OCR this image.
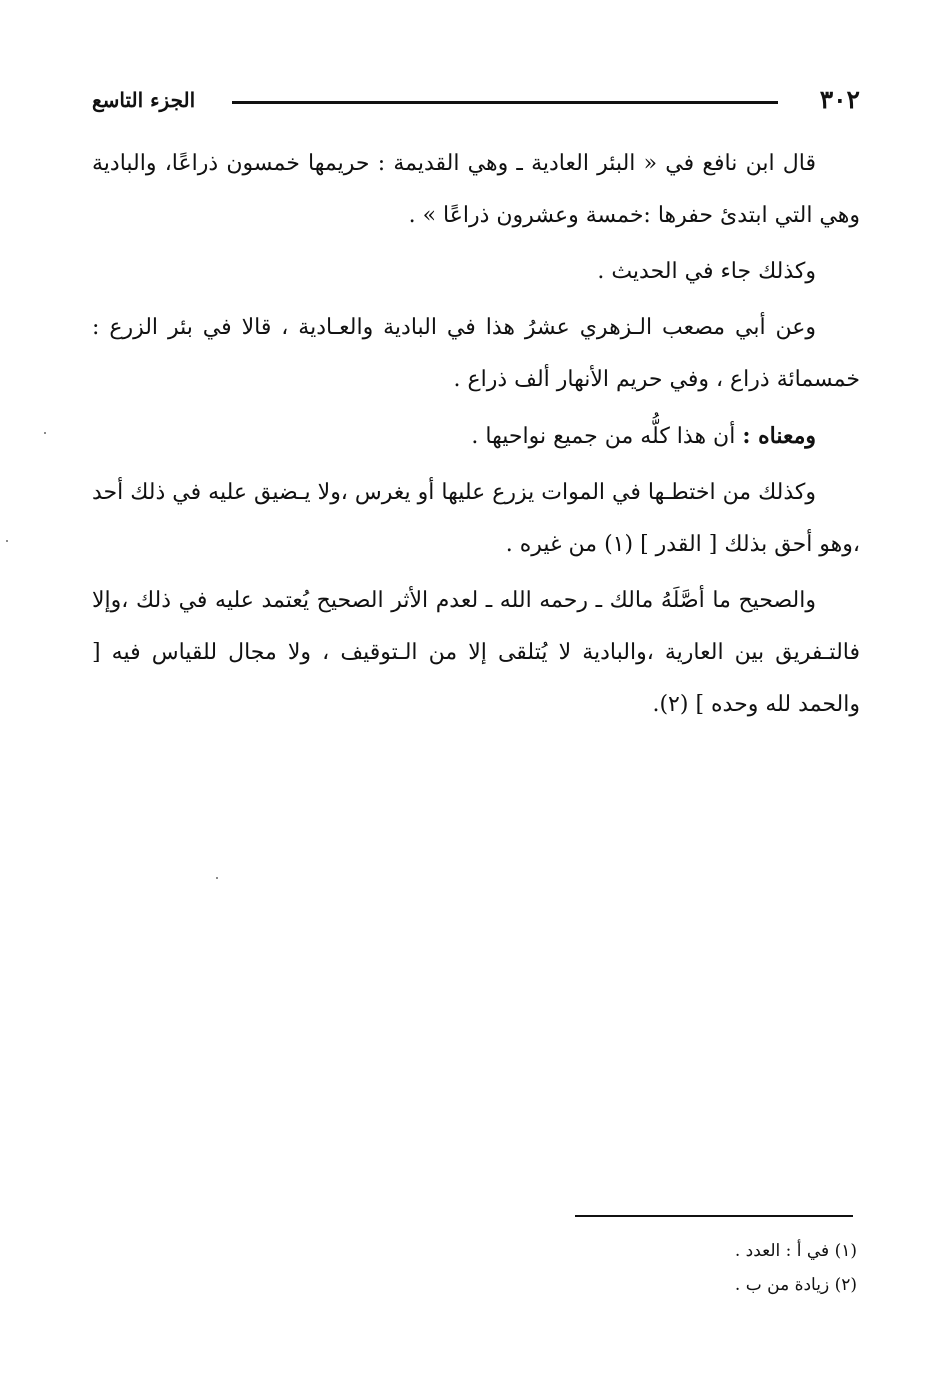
٣٠٢
الجزء التاسع

قال ابن نافع في « البئر العادية ـ وهي القديمة : حريمها خمسون ذراعًا، والبادية وهي التي ابتدئ حفرها :خمسة وعشرون ذراعًا » .

وكذلك جاء في الحديث .

وعن أبي مصعب الـزهري عشرُ هذا في البادية والعـادية ، قالا في بئر الزرع : خمسمائة ذراع ، وفي حريم الأنهار ألف ذراع .

ومعناه : أن هذا كلُّه من جميع نواحيها .

وكذلك من اختطـها في الموات يزرع عليها أو يغرس ،ولا يـضيق عليه في ذلك أحد ،وهو أحق بذلك [ القدر ] (١) من غيره .

والصحيح ما أصَّلَهُ مالك ـ رحمه الله ـ لعدم الأثر الصحيح يُعتمد عليه في ذلك ،وإلا فالتـفريق بين العارية ،والبادية لا يُتلقى إلا من الـتوقيف ، ولا مجال للقياس فيه [ والحمد لله وحده ] (٢).

(١) في أ : العدد .

(٢) زيادة من ب .
